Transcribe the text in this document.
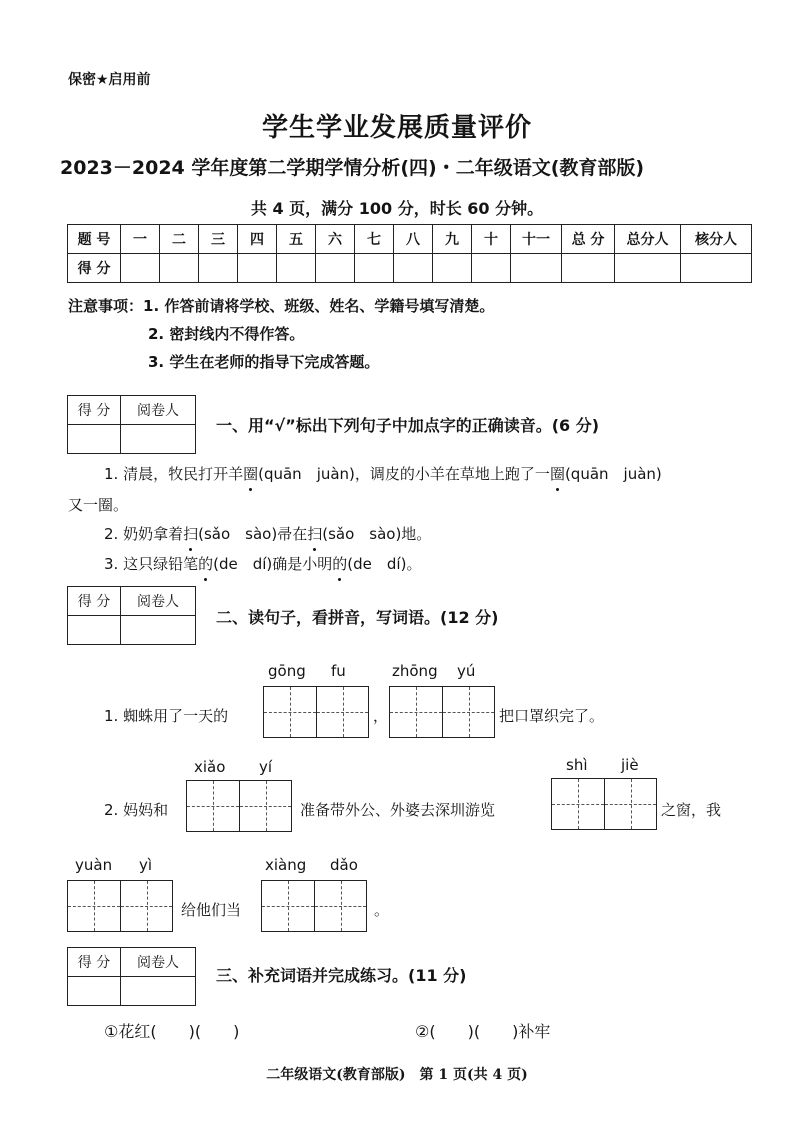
保密★启用前
学生学业发展质量评价
2023－2024 学年度第二学期学情分析(四)・二年级语文(教育部版)
共 4 页，满分 100 分，时长 60 分钟。
题 号	一	二	三	四	五	六	七	八	九	十	十一	总 分	总分人	核分人
得 分														
注意事项：1. 作答前请将学校、班级、姓名、学籍号填写清楚。
2. 密封线内不得作答。
3. 学生在老师的指导下完成答题。
得 分	阅卷人

一、用“√”标出下列句子中加点字的正确读音。(6 分)
1. 清晨，牧民打开羊圈(quān　juàn)，调皮的小羊在草地上跑了一圈(quān　juàn)
又一圈。
2. 奶奶拿着扫(sǎo　sào)帚在扫(sǎo　sào)地。
3. 这只绿铅笔的(de　dí)确是小明的(de　dí)。
得 分	阅卷人

二、读句子，看拼音，写词语。(12 分)
gōng fu	zhōng yú
1. 蜘蛛用了一天的	，	把口罩织完了。
xiǎo yí	shì jiè
2. 妈妈和	准备带外公、外婆去深圳游览	之窗，我
yuàn yì	xiàng dǎo
给他们当	。
得 分	阅卷人

三、补充词语并完成练习。(11 分)
①花红(　　)(　　)	②(　　)(　　)补牢
二年级语文(教育部版)　第 1 页(共 4 页)
